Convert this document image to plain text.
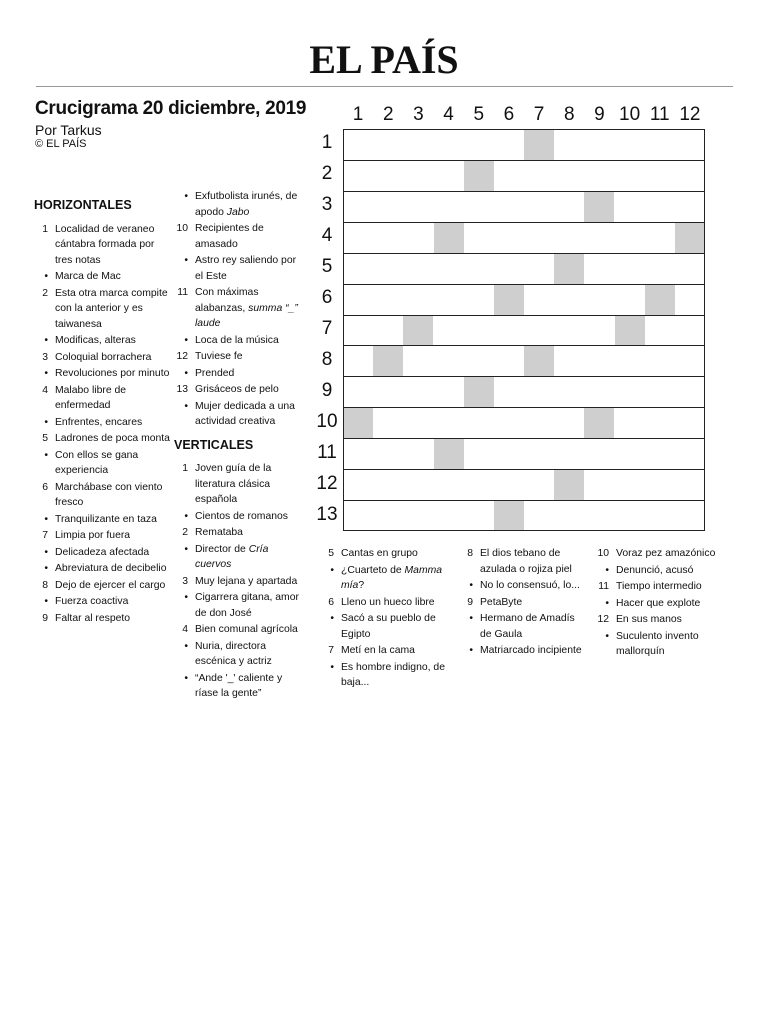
EL PAÍS
Crucigrama 20 diciembre, 2019
Por Tarkus
© EL PAÍS
HORIZONTALES
1 Localidad de veraneo cántabra formada por tres notas
• Marca de Mac
2 Esta otra marca compite con la anterior y es taiwanesa
• Modificas, alteras
3 Coloquial borrachera
• Revoluciones por minuto
4 Malabo libre de enfermedad
• Enfrentes, encares
5 Ladrones de poca monta
• Con ellos se gana experiencia
6 Marchábase con viento fresco
• Tranquilizante en taza
7 Limpia por fuera
• Delicadeza afectada
• Abreviatura de decibelio
8 Dejo de ejercer el cargo
• Fuerza coactiva
9 Faltar al respeto
• Exfutbolista irunés, de apodo Jabo
10 Recipientes de amasado
• Astro rey saliendo por el Este
11 Con máximas alabanzas, summa “_” laude
• Loca de la música
12 Tuviese fe
• Prended
13 Grisáceos de pelo
• Mujer dedicada a una actividad creativa
VERTICALES
1 Joven guía de la literatura clásica española
• Cientos de romanos
2 Remataba
• Director de Cría cuervos
3 Muy lejana y apartada
• Cigarrera gitana, amor de don José
4 Bien comunal agrícola
• Nuria, directora escénica y actriz
• “Ande '_' caliente y ríase la gente”
5 Cantas en grupo
• ¿Cuarteto de Mamma mía?
6 Lleno un hueco libre
• Sacó a su pueblo de Egipto
7 Metí en la cama
• Es hombre indigno, de baja...
8 El dios tebano de azulada o rojiza piel
• No lo consensuó, lo...
9 PetaByte
• Hermano de Amadís de Gaula
• Matriarcado incipiente
10 Voraz pez amazónico
• Denunció, acusó
11 Tiempo intermedio
• Hacer que explote
12 En sus manos
• Suculento invento mallorquín
1	2	3	4	5	6	7	8	9 10 11 12
1
2
3
4
5
6
7
8
9
10
11
12
13
